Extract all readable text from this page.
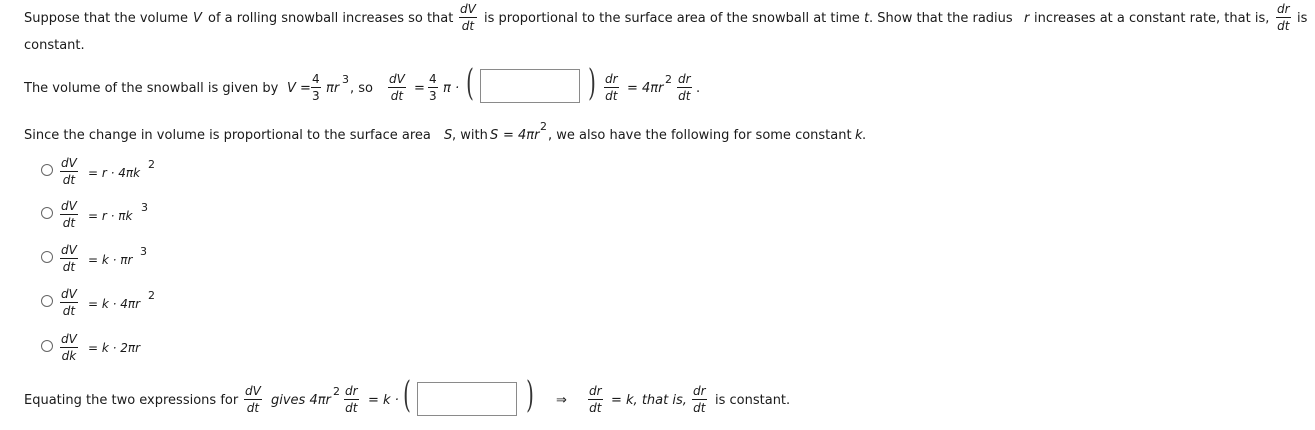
Suppose that the volume V of a rolling snowball increases so that $\frac{dV}{dt}$ is proportional to the surface area of the snowball at time t . Show that the radius r increases at a constant rate, that is, $\frac{dr}{dt}$ is
constant.
The volume of the snowball is given by $V = \frac{4}{3}$ πr
3
, so $\frac{dV}{dt} = \frac{4}{3}$ π · (	) $\frac{dr}{dt} = 4\pi r$
$2 \frac{dr}{dt}$ .
Since the change in volume is proportional to the surface area S , with S = 4πr
2
, we also have the following for some constant k .
$\frac{dV}{dt} = r \cdot 4\pi k$
2
$\frac{dV}{dt} = r \cdot \pi k$
3
$\frac{dV}{dt} = k \cdot \pi r$
3
$\frac{dV}{dt} = k \cdot 4\pi r$
2
$\frac{dV}{dk} = k \cdot 2\pi r$
Equating the two expressions for $\frac{dV}{dt}$ gives 4πr
$2 \frac{dr}{dt} = k$ · (	) ⇒ $\frac{dr}{dt} = k$, that is, $\frac{dr}{dt}$ is constant.
